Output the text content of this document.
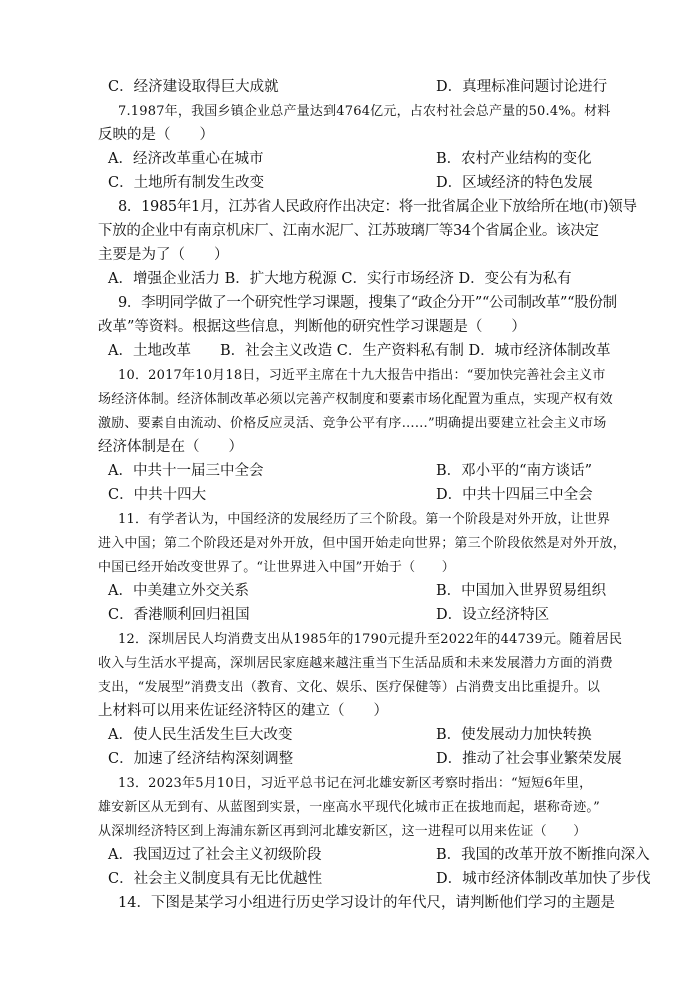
C．经济建设取得巨大成就	D．真理标准问题讨论进行
7.1987年，我国乡镇企业总产量达到4764亿元，占农村社会总产量的50.4%。材料
反映的是（　　）
A．经济改革重心在城市	B．农村产业结构的变化
C．土地所有制发生改变	D．区域经济的特色发展
8．1985年1月，江苏省人民政府作出决定：将一批省属企业下放给所在地(市)领导
下放的企业中有南京机床厂、江南水泥厂、江苏玻璃厂等34个省属企业。该决定
主要是为了（　　）
A．增强企业活力 B．扩大地方税源 C．实行市场经济 D．变公有为私有
9．李明同学做了一个研究性学习课题，搜集了“政企分开”“公司制改革”“股份制
改革”等资料。根据这些信息，判断他的研究性学习课题是（　　）
A．土地改革　　B．社会主义改造 C．生产资料私有制 D．城市经济体制改革
10．2017年10月18日，习近平主席在十九大报告中指出：“要加快完善社会主义市
场经济体制。经济体制改革必须以完善产权制度和要素市场化配置为重点，实现产权有效
激励、要素自由流动、价格反应灵活、竞争公平有序……”明确提出要建立社会主义市场
经济体制是在（　　）
A．中共十一届三中全会	B．邓小平的“南方谈话”
C．中共十四大	D．中共十四届三中全会
11．有学者认为，中国经济的发展经历了三个阶段。第一个阶段是对外开放，让世界
进入中国；第二个阶段还是对外开放，但中国开始走向世界；第三个阶段依然是对外开放，
中国已经开始改变世界了。“让世界进入中国”开始于（　　）
A．中美建立外交关系	B．中国加入世界贸易组织
C．香港顺利回归祖国	D．设立经济特区
12．深圳居民人均消费支出从1985年的1790元提升至2022年的44739元。随着居民
收入与生活水平提高，深圳居民家庭越来越注重当下生活品质和未来发展潜力方面的消费
支出，“发展型”消费支出（教育、文化、娱乐、医疗保健等）占消费支出比重提升。以
上材料可以用来佐证经济特区的建立（　　）
A．使人民生活发生巨大改变	B．使发展动力加快转换
C．加速了经济结构深刻调整	D．推动了社会事业繁荣发展
13．2023年5月10日，习近平总书记在河北雄安新区考察时指出：“短短6年里，
雄安新区从无到有、从蓝图到实景，一座高水平现代化城市正在拔地而起，堪称奇迹。”
从深圳经济特区到上海浦东新区再到河北雄安新区，这一进程可以用来佐证（　　）
A．我国迈过了社会主义初级阶段	B．我国的改革开放不断推向深入
C．社会主义制度具有无比优越性	D．城市经济体制改革加快了步伐
14．下图是某学习小组进行历史学习设计的年代尺，请判断他们学习的主题是
